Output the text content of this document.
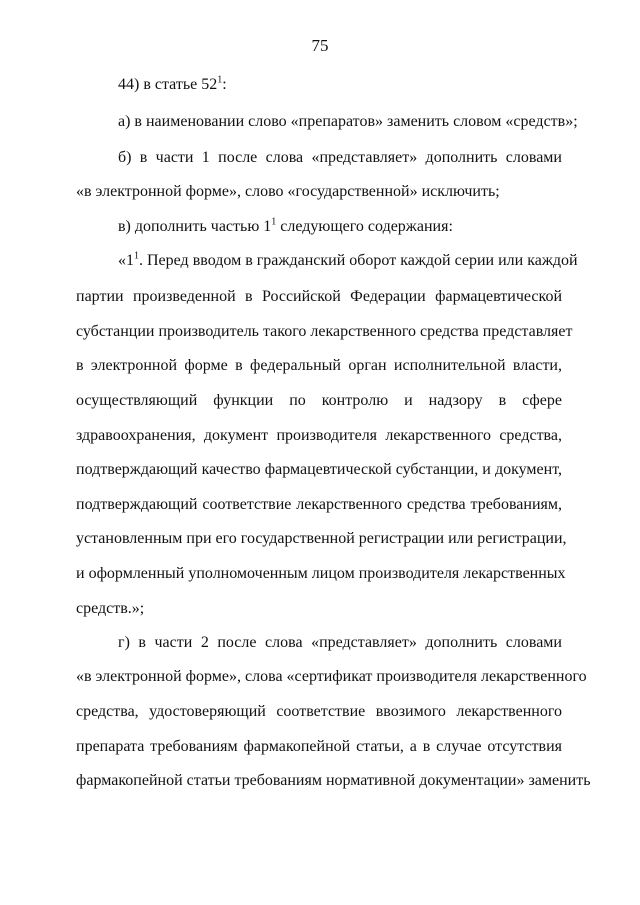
75
44) в статье $52^1$:
а) в наименовании слово «препаратов» заменить словом «средств»;
б) в части 1 после слова «представляет» дополнить словами
«в электронной форме», слово «государственной» исключить;
в) дополнить частью $1^1$ следующего содержания:
«$1^1$. Перед вводом в гражданский оборот каждой серии или каждой
партии произведенной в Российской Федерации фармацевтической
субстанции производитель такого лекарственного средства представляет
в электронной форме в федеральный орган исполнительной власти,
осуществляющий функции по контролю и надзору в сфере
здравоохранения, документ производителя лекарственного средства,
подтверждающий качество фармацевтической субстанции, и документ,
подтверждающий соответствие лекарственного средства требованиям,
установленным при его государственной регистрации или регистрации,
и оформленный уполномоченным лицом производителя лекарственных
средств.»;
г) в части 2 после слова «представляет» дополнить словами
«в электронной форме», слова «сертификат производителя лекарственного
средства, удостоверяющий соответствие ввозимого лекарственного
препарата требованиям фармакопейной статьи, а в случае отсутствия
фармакопейной статьи требованиям нормативной документации» заменить
